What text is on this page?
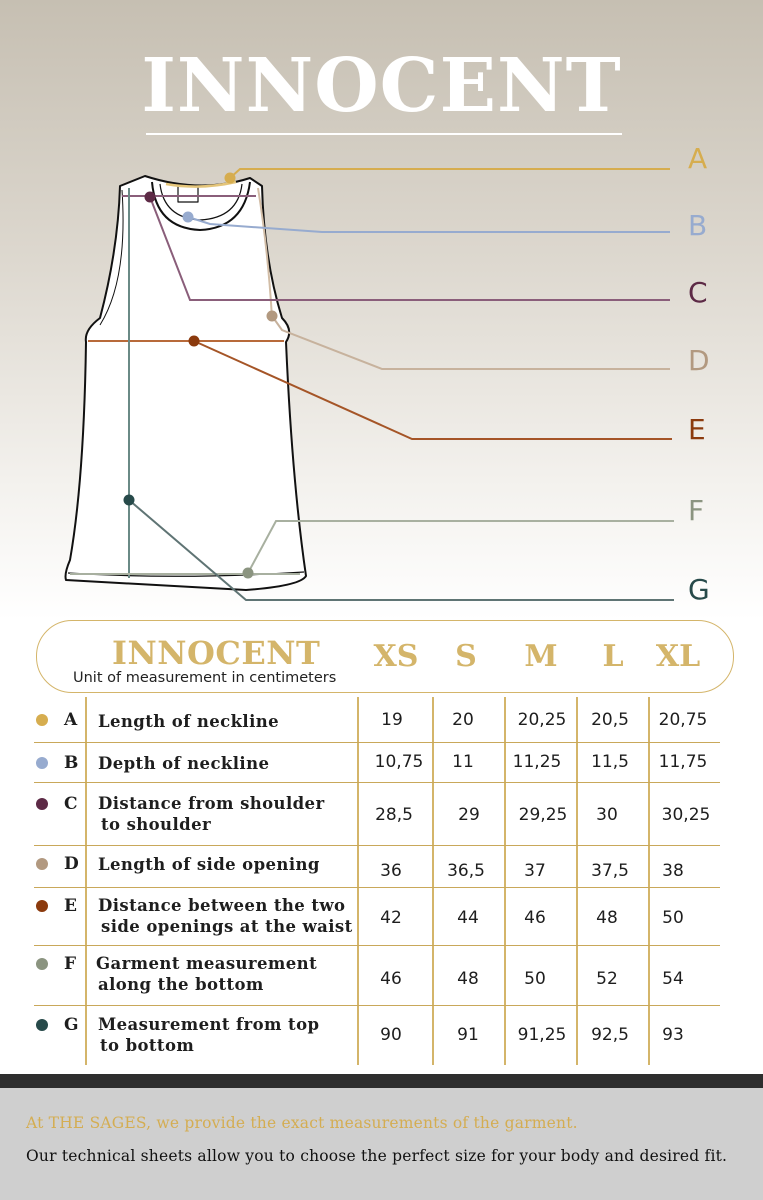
INNOCENT
A
B
C
D
E
F
G
INNOCENT
Unit of measurement in centimeters
XS	S	M	L	XL
A Length of neckline	19	20	20,25	20,5	20,75
B Depth of neckline	10,75	11	11,25	11,5	11,75
C Distance from shoulder
to shoulder	28,5	29	29,25	30	30,25
D Length of side opening	36	36,5	37	37,5	38
E Distance between the two
side openings at the waist	42	44	46	48	50
F Garment measurement
along the bottom	46	48	50	52	54
G Measurement from top
to bottom
90	91	91,25	92,5	93
At THE SAGES, we provide the exact measurements of the garment.
Our technical sheets allow you to choose the perfect size for your body and desired fit.
